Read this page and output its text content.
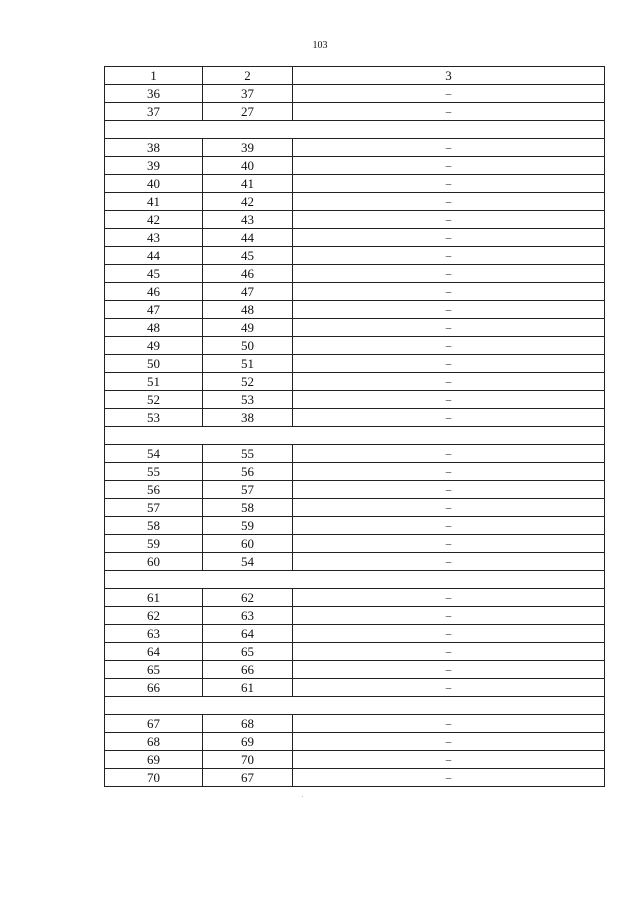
103
1	2	3
36	37	–
37	27	–

38	39	–
39	40	–
40	41	–
41	42	–
42	43	–
43	44	–
44	45	–
45	46	–
46	47	–
47	48	–
48	49	–
49	50	–
50	51	–
51	52	–
52	53	–
53	38	–

54	55	–
55	56	–
56	57	–
57	58	–
58	59	–
59	60	–
60	54	–

61	62	–
62	63	–
63	64	–
64	65	–
65	66	–
66	61	–

67	68	–
68	69	–
69	70	–
70	67	–
